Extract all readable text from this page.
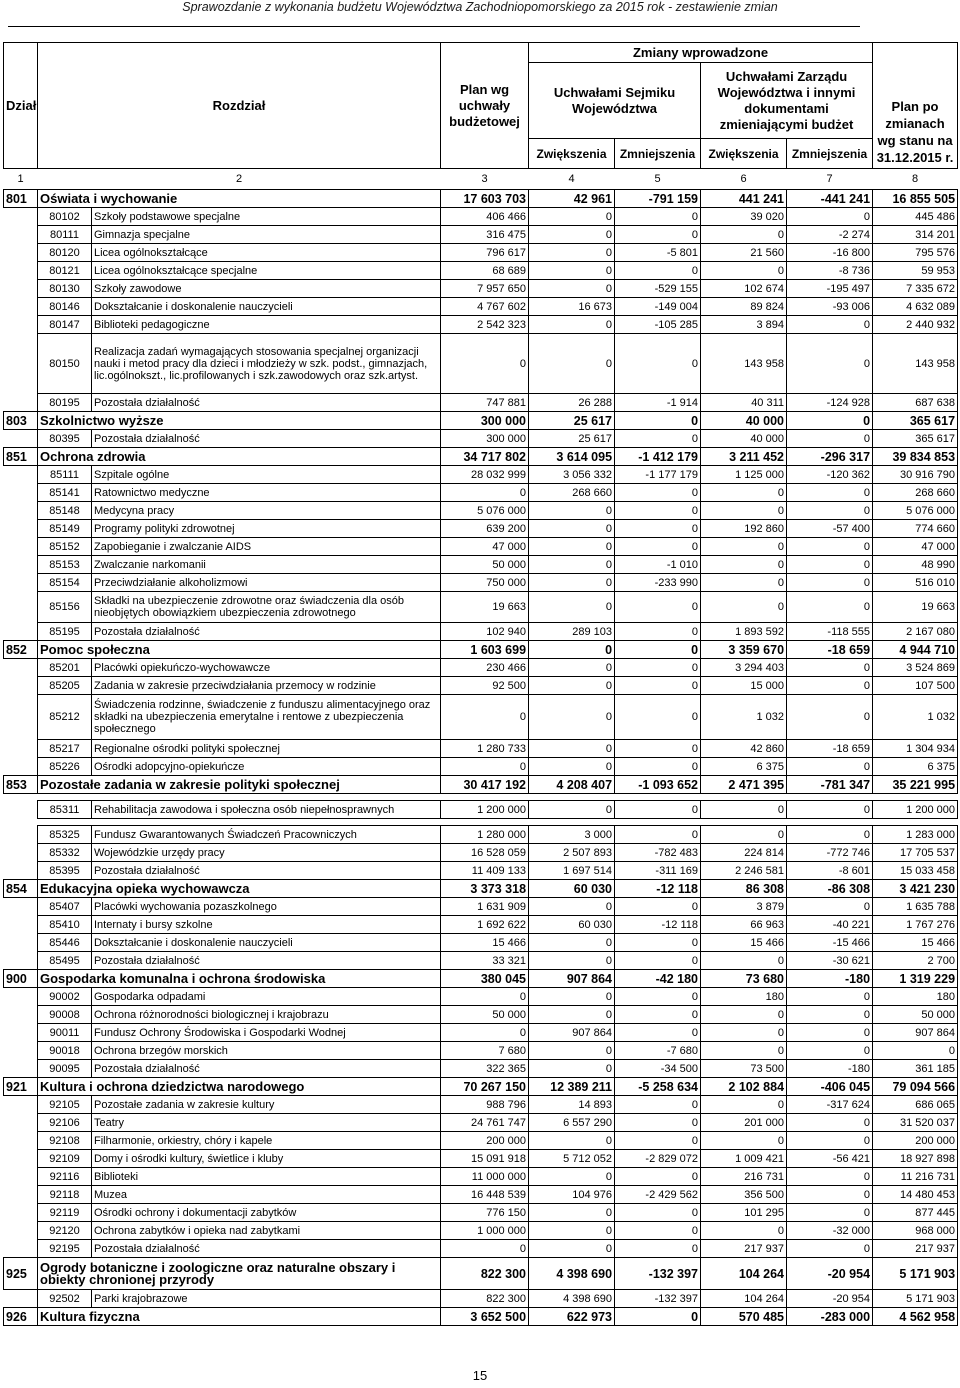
Sprawozdanie z wykonania budżetu Województwa Zachodniopomorskiego za 2015 rok - zestawienie zmian
Dział	Rozdział		Plan wg uchwały budżetowej	Zmiany wprowadzone				Plan po zmianach wg stanu na 31.12.2015 r.
				Uchwałami Sejmiku Województwa		Uchwałami Zarządu Województwa i innymi dokumentami zmieniającymi budżet		
				Zwiększenia	Zmniejszenia	Zwiększenia	Zmniejszenia	
1	2		3	4	5	6	7	8
801	Oświata i wychowanie		17 603 703	42 961	-791 159	441 241	-441 241	16 855 505
	80102	Szkoły podstawowe specjalne	406 466	0	0	39 020	0	445 486
	80111	Gimnazja specjalne	316 475	0	0	0	-2 274	314 201
	80120	Licea ogólnokształcące	796 617	0	-5 801	21 560	-16 800	795 576
	80121	Licea ogólnokształcące specjalne	68 689	0	0	0	-8 736	59 953
	80130	Szkoły zawodowe	7 957 650	0	-529 155	102 674	-195 497	7 335 672
	80146	Dokształcanie i doskonalenie nauczycieli	4 767 602	16 673	-149 004	89 824	-93 006	4 632 089
	80147	Biblioteki pedagogiczne	2 542 323	0	-105 285	3 894	0	2 440 932
	80150	Realizacja zadań wymagających stosowania specjalnej organizacji nauki i metod pracy dla dzieci i młodzieży w szk. podst., gimnazjach, lic.ogólnokszt., lic.profilowanych i szk.zawodowych oraz szk.artyst.	0	0	0	143 958	0	143 958
	80195	Pozostała działalność	747 881	26 288	-1 914	40 311	-124 928	687 638
803	Szkolnictwo wyższe		300 000	25 617	0	40 000	0	365 617
	80395	Pozostała działalność	300 000	25 617	0	40 000	0	365 617
851	Ochrona zdrowia		34 717 802	3 614 095	-1 412 179	3 211 452	-296 317	39 834 853
	85111	Szpitale ogólne	28 032 999	3 056 332	-1 177 179	1 125 000	-120 362	30 916 790
	85141	Ratownictwo medyczne	0	268 660	0	0	0	268 660
	85148	Medycyna pracy	5 076 000	0	0	0	0	5 076 000
	85149	Programy polityki zdrowotnej	639 200	0	0	192 860	-57 400	774 660
	85152	Zapobieganie i zwalczanie AIDS	47 000	0	0	0	0	47 000
	85153	Zwalczanie narkomanii	50 000	0	-1 010	0	0	48 990
	85154	Przeciwdziałanie alkoholizmowi	750 000	0	-233 990	0	0	516 010
	85156	Składki na ubezpieczenie zdrowotne oraz świadczenia dla osób nieobjętych obowiązkiem ubezpieczenia zdrowotnego	19 663	0	0	0	0	19 663
	85195	Pozostała działalność	102 940	289 103	0	1 893 592	-118 555	2 167 080
852	Pomoc społeczna		1 603 699	0	0	3 359 670	-18 659	4 944 710
	85201	Placówki opiekuńczo-wychowawcze	230 466	0	0	3 294 403	0	3 524 869
	85205	Zadania w zakresie przeciwdziałania przemocy w rodzinie	92 500	0	0	15 000	0	107 500
	85212	Świadczenia rodzinne, świadczenie z funduszu alimentacyjnego oraz składki na ubezpieczenia emerytalne i rentowe z ubezpieczenia społecznego	0	0	0	1 032	0	1 032
	85217	Regionalne ośrodki polityki społecznej	1 280 733	0	0	42 860	-18 659	1 304 934
	85226	Ośrodki adopcyjno-opiekuńcze	0	0	0	6 375	0	6 375
853	Pozostałe zadania w zakresie polityki społecznej		30 417 192	4 208 407	-1 093 652	2 471 395	-781 347	35 221 995

	85311	Rehabilitacja zawodowa i społeczna osób niepełnosprawnych	1 200 000	0	0	0	0	1 200 000

	85325	Fundusz Gwarantowanych Świadczeń Pracowniczych	1 280 000	3 000	0	0	0	1 283 000
	85332	Wojewódzkie urzędy pracy	16 528 059	2 507 893	-782 483	224 814	-772 746	17 705 537
	85395	Pozostała działalność	11 409 133	1 697 514	-311 169	2 246 581	-8 601	15 033 458
854	Edukacyjna opieka wychowawcza		3 373 318	60 030	-12 118	86 308	-86 308	3 421 230
	85407	Placówki wychowania pozaszkolnego	1 631 909	0	0	3 879	0	1 635 788
	85410	Internaty i bursy szkolne	1 692 622	60 030	-12 118	66 963	-40 221	1 767 276
	85446	Dokształcanie i doskonalenie nauczycieli	15 466	0	0	15 466	-15 466	15 466
	85495	Pozostała działalność	33 321	0	0	0	-30 621	2 700
900	Gospodarka komunalna i ochrona środowiska		380 045	907 864	-42 180	73 680	-180	1 319 229
	90002	Gospodarka odpadami	0	0	0	180	0	180
	90008	Ochrona różnorodności biologicznej i krajobrazu	50 000	0	0	0	0	50 000
	90011	Fundusz Ochrony Środowiska i Gospodarki Wodnej	0	907 864	0	0	0	907 864
	90018	Ochrona brzegów morskich	7 680	0	-7 680	0	0	0
	90095	Pozostała działalność	322 365	0	-34 500	73 500	-180	361 185
921	Kultura i ochrona dziedzictwa narodowego		70 267 150	12 389 211	-5 258 634	2 102 884	-406 045	79 094 566
	92105	Pozostałe zadania w zakresie kultury	988 796	14 893	0	0	-317 624	686 065
	92106	Teatry	24 761 747	6 557 290	0	201 000	0	31 520 037
	92108	Filharmonie, orkiestry, chóry i kapele	200 000	0	0	0	0	200 000
	92109	Domy i ośrodki kultury, świetlice i kluby	15 091 918	5 712 052	-2 829 072	1 009 421	-56 421	18 927 898
	92116	Biblioteki	11 000 000	0	0	216 731	0	11 216 731
	92118	Muzea	16 448 539	104 976	-2 429 562	356 500	0	14 480 453
	92119	Ośrodki ochrony i dokumentacji zabytków	776 150	0	0	101 295	0	877 445
	92120	Ochrona zabytków i opieka nad zabytkami	1 000 000	0	0	0	-32 000	968 000
	92195	Pozostała działalność	0	0	0	217 937	0	217 937
925	Ogrody botaniczne i zoologiczne oraz naturalne obszary i obiekty chronionej przyrody		822 300	4 398 690	-132 397	104 264	-20 954	5 171 903
	92502	Parki krajobrazowe	822 300	4 398 690	-132 397	104 264	-20 954	5 171 903
926	Kultura fizyczna		3 652 500	622 973	0	570 485	-283 000	4 562 958
15
